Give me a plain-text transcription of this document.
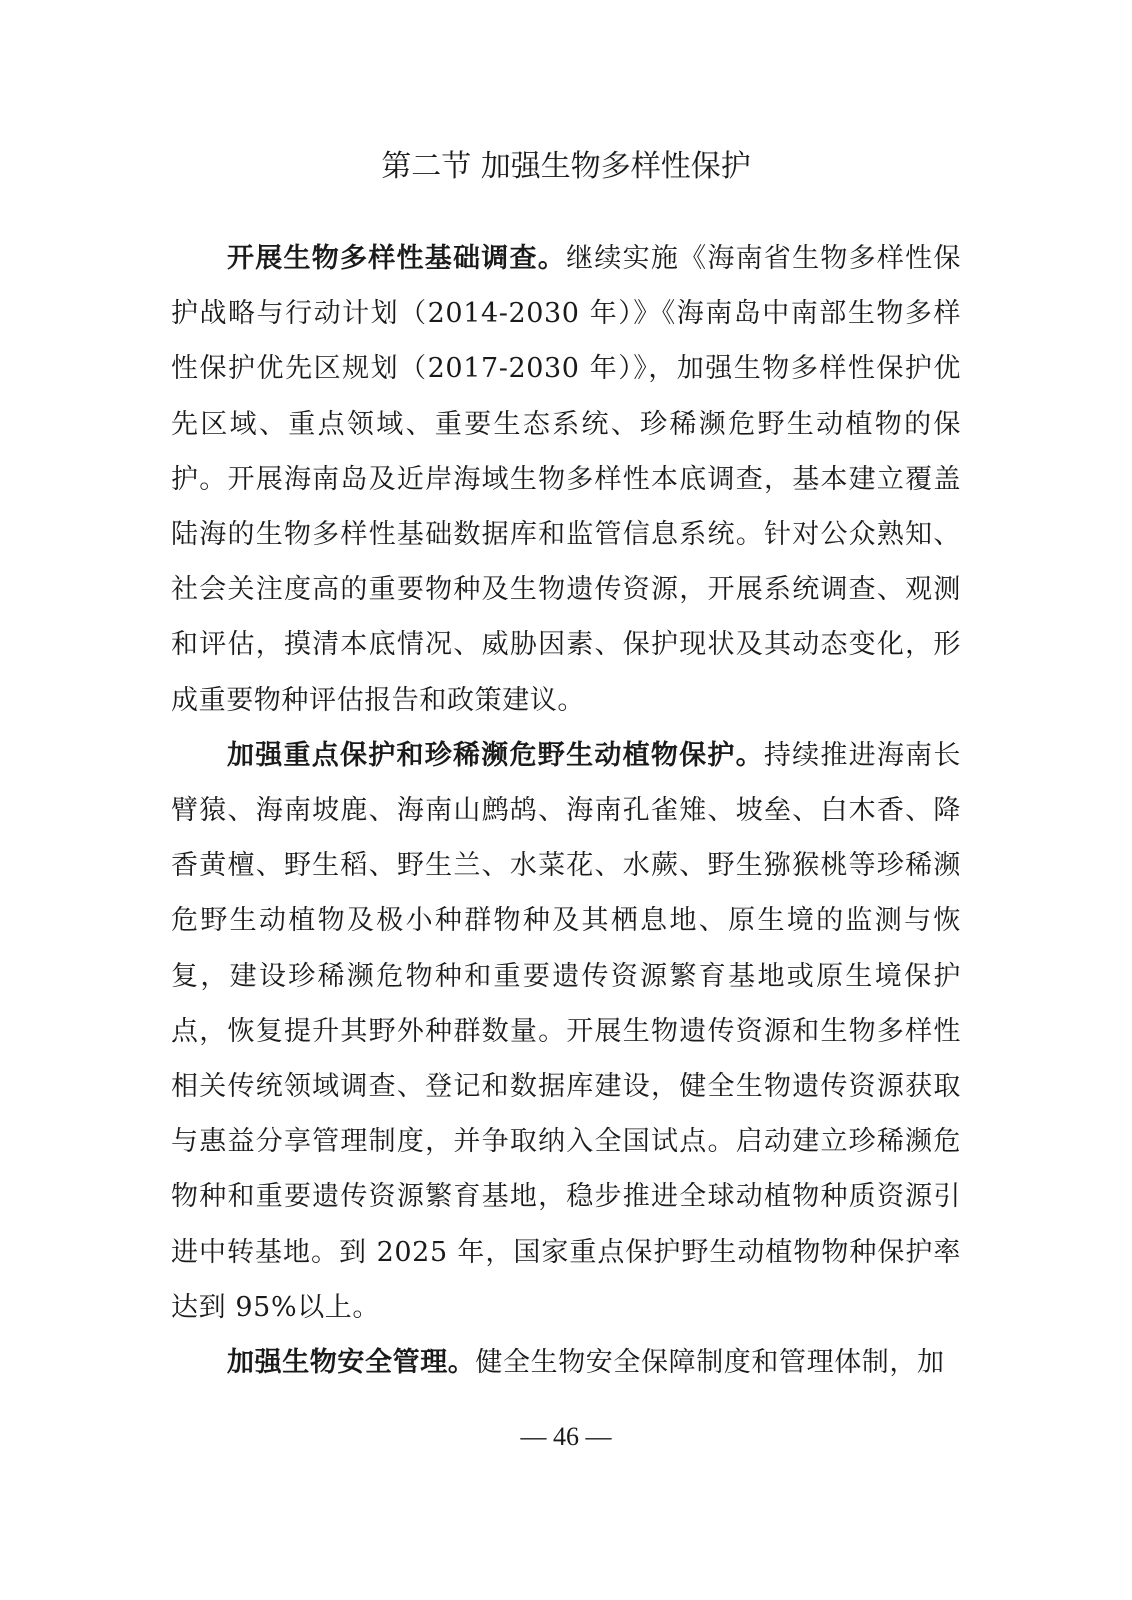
第二节 加强生物多样性保护

开展生物多样性基础调查。继续实施《海南省生物多样性保护战略与行动计划（2014-2030 年）》《海南岛中南部生物多样性保护优先区规划（2017-2030 年）》，加强生物多样性保护优先区域、重点领域、重要生态系统、珍稀濒危野生动植物的保护。开展海南岛及近岸海域生物多样性本底调查，基本建立覆盖陆海的生物多样性基础数据库和监管信息系统。针对公众熟知、社会关注度高的重要物种及生物遗传资源，开展系统调查、观测和评估，摸清本底情况、威胁因素、保护现状及其动态变化，形成重要物种评估报告和政策建议。

加强重点保护和珍稀濒危野生动植物保护。持续推进海南长臂猿、海南坡鹿、海南山鹧鸪、海南孔雀雉、坡垒、白木香、降香黄檀、野生稻、野生兰、水菜花、水蕨、野生猕猴桃等珍稀濒危野生动植物及极小种群物种及其栖息地、原生境的监测与恢复，建设珍稀濒危物种和重要遗传资源繁育基地或原生境保护点，恢复提升其野外种群数量。开展生物遗传资源和生物多样性相关传统领域调查、登记和数据库建设，健全生物遗传资源获取与惠益分享管理制度，并争取纳入全国试点。启动建立珍稀濒危物种和重要遗传资源繁育基地，稳步推进全球动植物种质资源引进中转基地。到 2025 年，国家重点保护野生动植物物种保护率达到 95%以上。

加强生物安全管理。健全生物安全保障制度和管理体制，加

— 46 —
